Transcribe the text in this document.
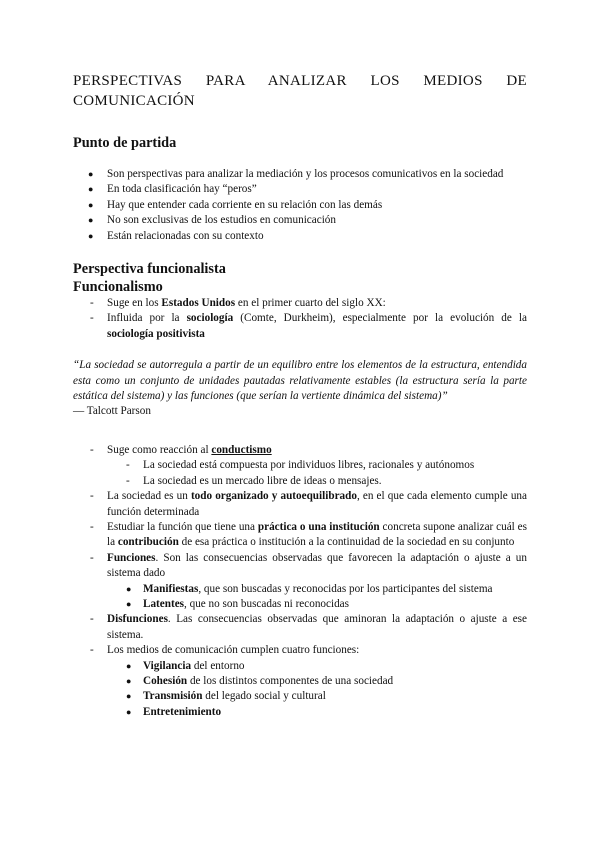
PERSPECTIVAS PARA ANALIZAR LOS MEDIOS DE
COMUNICACIÓN
Punto de partida
● Son perspectivas para analizar la mediación y los procesos comunicativos en la sociedad
● En toda clasificación hay “peros”
● Hay que entender cada corriente en su relación con las demás
● No son exclusivas de los estudios en comunicación
● Están relacionadas con su contexto
Perspectiva funcionalista
Funcionalismo
- Suge en los Estados Unidos en el primer cuarto del siglo XX:
- Influida por la sociología (Comte, Durkheim), especialmente por la evolución de la sociología positivista

“La sociedad se autorregula a partir de un equilibro entre los elementos de la estructura, entendida esta como un conjunto de unidades pautadas relativamente estables (la estructura sería la parte estática del sistema) y las funciones (que serían la vertiente dinámica del sistema)”

— Talcott Parson

- Suge como reacción al conductismo
- La sociedad está compuesta por individuos libres, racionales y autónomos
- La sociedad es un mercado libre de ideas o mensajes.
- La sociedad es un todo organizado y autoequilibrado, en el que cada elemento cumple una función determinada
- Estudiar la función que tiene una práctica o una institución concreta supone analizar cuál es la contribución de esa práctica o institución a la continuidad de la sociedad en su conjunto
- Funciones. Son las consecuencias observadas que favorecen la adaptación o ajuste a un sistema dado
● Manifiestas, que son buscadas y reconocidas por los participantes del sistema
● Latentes, que no son buscadas ni reconocidas
- Disfunciones. Las consecuencias observadas que aminoran la adaptación o ajuste a ese sistema.
- Los medios de comunicación cumplen cuatro funciones:
● Vigilancia del entorno
● Cohesión de los distintos componentes de una sociedad
● Transmisión del legado social y cultural
● Entretenimiento
